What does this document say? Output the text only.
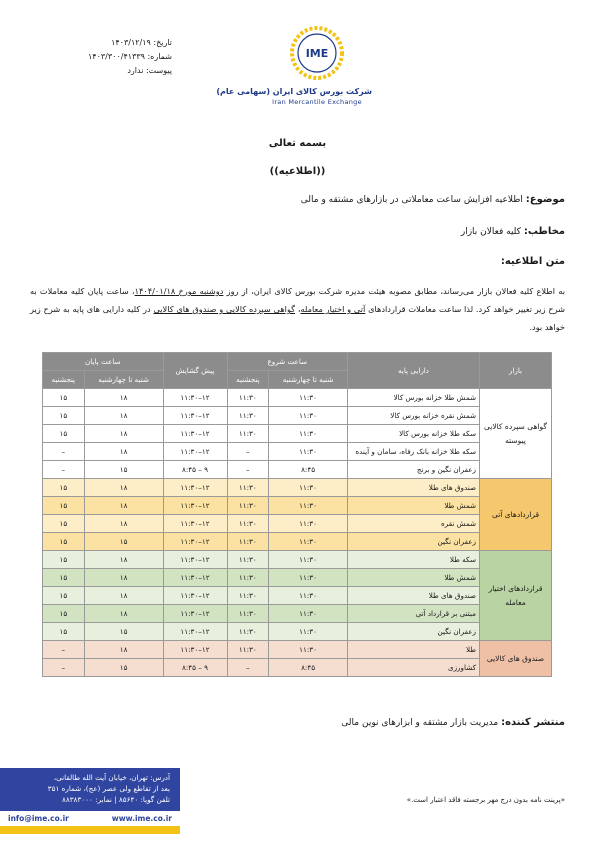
تاریخ: ۱۴۰۳/۱۲/۱۹
شماره: ۱۴۰۳/۳۰۰/۴۱۳۳۹
پیوست: ندارد
IME
شرکت بورس کالای ایران (سهامی عام)
Iran Mercantile Exchange
بسمه تعالی
((اطلاعیه))
موضوع: اطلاعیه افزایش ساعت معاملاتی در بازارهای مشتقه و مالی
مخاطب: کلیه فعالان بازار
متن اطلاعیه:
به اطلاع کلیه فعالان بازار می‌رساند، مطابق مصوبه هیئت مدیره شرکت بورس کالای ایران، از روز دوشنبه مورخ ۱۴۰۴/۰۱/۱۸، ساعت پایان کلیه معاملات به شرح زیر تغییر خواهد کرد. لذا ساعت معاملات قراردادهای آتی و اختیار معامله، گواهی سپرده کالایی و صندوق های کالایی در کلیه دارایی های پایه به شرح زیر خواهد بود.
بازار	دارایی پایه	ساعت شروع		پیش گشایش	ساعت پایان	
		شنبه تا چهارشنبه	پنجشنبه		شنبه تا چهارشنبه	پنجشنبه
گواهی سپرده کالایی پیوسته	شمش طلا خزانه بورس کالا	۱۱:۳۰	۱۱:۳۰	۱۲–۱۱:۳۰	۱۸	۱۵
	شمش نقره خزانه بورس کالا	۱۱:۳۰	۱۱:۳۰	۱۲–۱۱:۳۰	۱۸	۱۵
	سکه طلا خزانه بورس کالا	۱۱:۳۰	۱۱:۳۰	۱۲–۱۱:۳۰	۱۸	۱۵
	سکه طلا خزانه بانک رفاه، سامان و آینده	۱۱:۳۰	–	۱۲–۱۱:۳۰	۱۸	–
	زعفران نگین و برنج	۸:۴۵	–	۹ – ۸:۴۵	۱۵	–
قراردادهای آتی	صندوق های طلا	۱۱:۳۰	۱۱:۳۰	۱۲–۱۱:۳۰	۱۸	۱۵
	شمش طلا	۱۱:۳۰	۱۱:۳۰	۱۲–۱۱:۳۰	۱۸	۱۵
	شمش نقره	۱۱:۳۰	۱۱:۳۰	۱۲–۱۱:۳۰	۱۸	۱۵
	زعفران نگین	۱۱:۳۰	۱۱:۳۰	۱۲–۱۱:۳۰	۱۵	۱۵
قراردادهای اختیار معامله	سکه طلا	۱۱:۳۰	۱۱:۳۰	۱۲–۱۱:۳۰	۱۸	۱۵
	شمش طلا	۱۱:۳۰	۱۱:۳۰	۱۲–۱۱:۳۰	۱۸	۱۵
	صندوق های طلا	۱۱:۳۰	۱۱:۳۰	۱۲–۱۱:۳۰	۱۸	۱۵
	مبتنی بر قرارداد آتی	۱۱:۳۰	۱۱:۳۰	۱۲–۱۱:۳۰	۱۸	۱۵
	زعفران نگین	۱۱:۳۰	۱۱:۳۰	۱۲–۱۱:۳۰	۱۵	۱۵
صندوق های کالایی	طلا	۱۱:۳۰	۱۱:۳۰	۱۲–۱۱:۳۰	۱۸	–
	کشاورزی	۸:۴۵	–	۹ – ۸:۴۵	۱۵	–
منتشر کننده: مدیریت بازار مشتقه و ابزارهای نوین مالی
«پرینت نامه بدون درج مهر برجسته فاقد اعتبار است.»
آدرس: تهران، خیابان آیت الله طالقانی،
بعد از تقاطع ولی عصر (عج)، شماره ۳۵۱
تلفن گویا: ۸۵۶۴۰ | نمابر: ۸۸۳۸۳۰۰۰
info@ime.co.ir	www.ime.co.ir
